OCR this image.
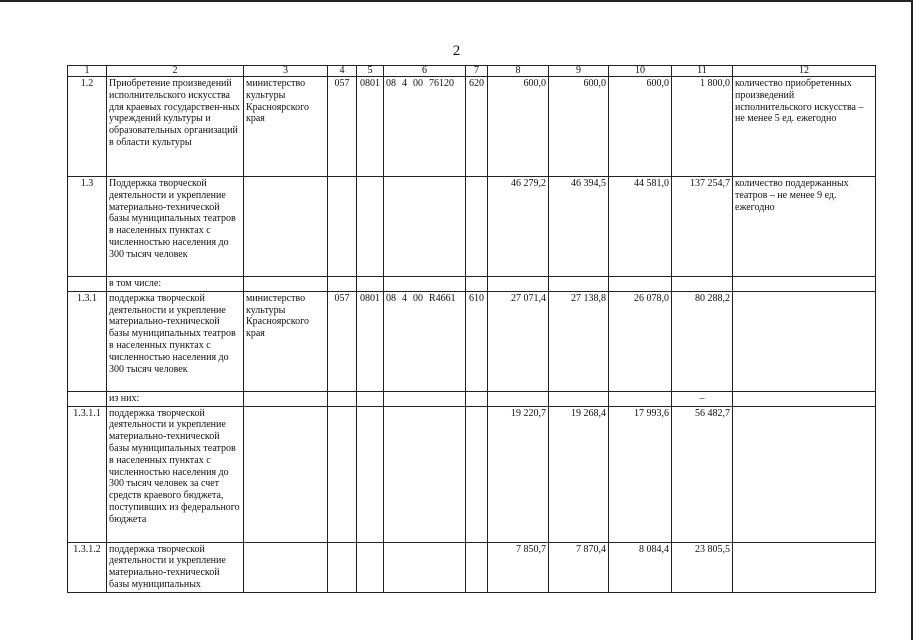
2
1	2	3	4	5	6	7	8	9	10	11	12
1.2	Приобретение произведений исполнительского искусства для краевых государствен-ных учреждений культуры и образовательных организаций в области культуры	министерство культуры Красноярского края	057	0801	08 4 00 76120	620	600,0	600,0	600,0	1 800,0	количество приобретенных произведений исполнительского искусства – не менее 5 ед. ежегодно
1.3	Поддержка творческой деятельности и укрепление материально-технической базы муниципальных театров в населенных пунктах с численностью населения до 300 тысяч человек						46 279,2	46 394,5	44 581,0	137 254,7	количество поддержанных театров – не менее 9 ед. ежегодно
	в том числе:										
1.3.1	поддержка творческой деятельности и укрепление материально-технической базы муниципальных театров в населенных пунктах с численностью населения до 300 тысяч человек	министерство культуры Красноярского края	057	0801	08 4 00 R4661	610	27 071,4	27 138,8	26 078,0	80 288,2	
	из них:									–	
1.3.1.1	поддержка творческой деятельности и укрепление материально-технической базы муниципальных театров в населенных пунктах с численностью населения до 300 тысяч человек за счет средств краевого бюджета, поступивших из федерального бюджета						19 220,7	19 268,4	17 993,6	56 482,7	
1.3.1.2	поддержка творческой деятельности и укрепление материально-технической базы муниципальных						7 850,7	7 870,4	8 084,4	23 805,5	
